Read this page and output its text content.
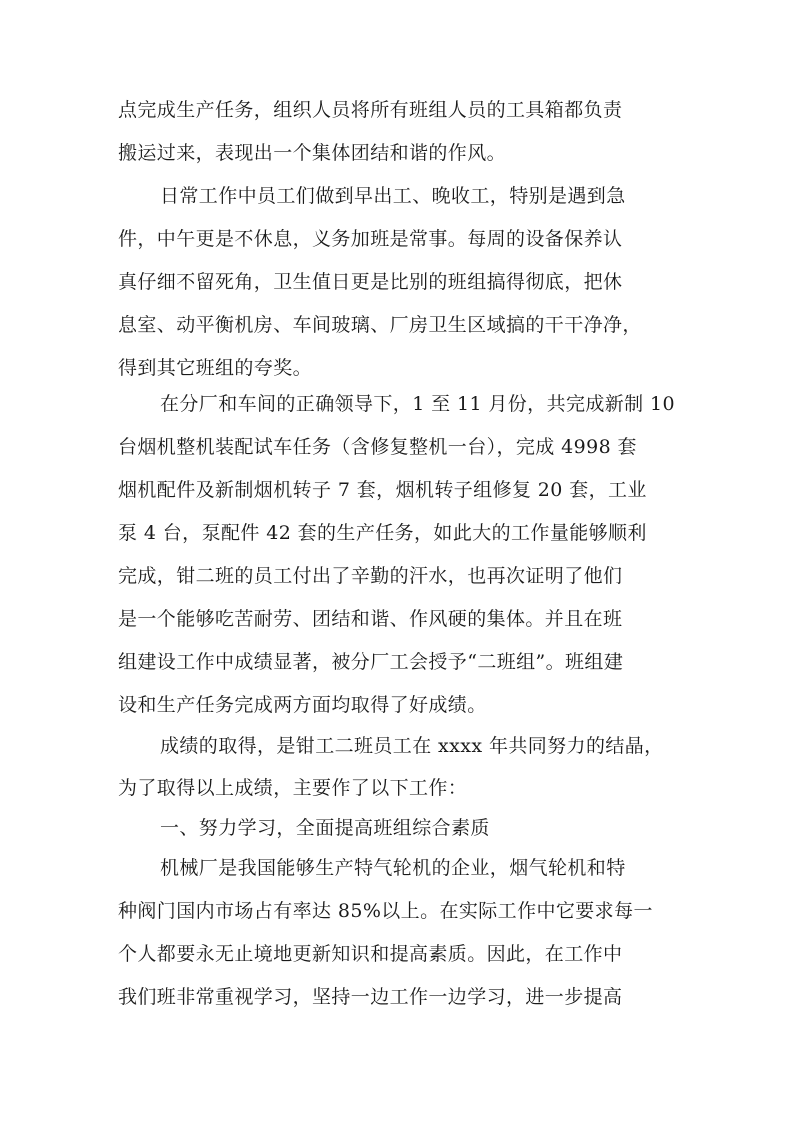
点完成生产任务，组织人员将所有班组人员的工具箱都负责
搬运过来，表现出一个集体团结和谐的作风。
日常工作中员工们做到早出工、晚收工，特别是遇到急
件，中午更是不休息，义务加班是常事。每周的设备保养认
真仔细不留死角，卫生值日更是比别的班组搞得彻底，把休
息室、动平衡机房、车间玻璃、厂房卫生区域搞的干干净净，
得到其它班组的夸奖。
在分厂和车间的正确领导下，1 至 11 月份，共完成新制 10
台烟机整机装配试车任务（含修复整机一台），完成 4998 套
烟机配件及新制烟机转子 7 套，烟机转子组修复 20 套，工业
泵 4 台，泵配件 42 套的生产任务，如此大的工作量能够顺利
完成，钳二班的员工付出了辛勤的汗水，也再次证明了他们
是一个能够吃苦耐劳、团结和谐、作风硬的集体。并且在班
组建设工作中成绩显著，被分厂工会授予“二班组”。班组建
设和生产任务完成两方面均取得了好成绩。
成绩的取得，是钳工二班员工在 xxxx 年共同努力的结晶，
为了取得以上成绩，主要作了以下工作：
一、努力学习，全面提高班组综合素质
机械厂是我国能够生产特气轮机的企业，烟气轮机和特
种阀门国内市场占有率达 85%以上。在实际工作中它要求每一
个人都要永无止境地更新知识和提高素质。因此，在工作中
我们班非常重视学习，坚持一边工作一边学习，进一步提高
